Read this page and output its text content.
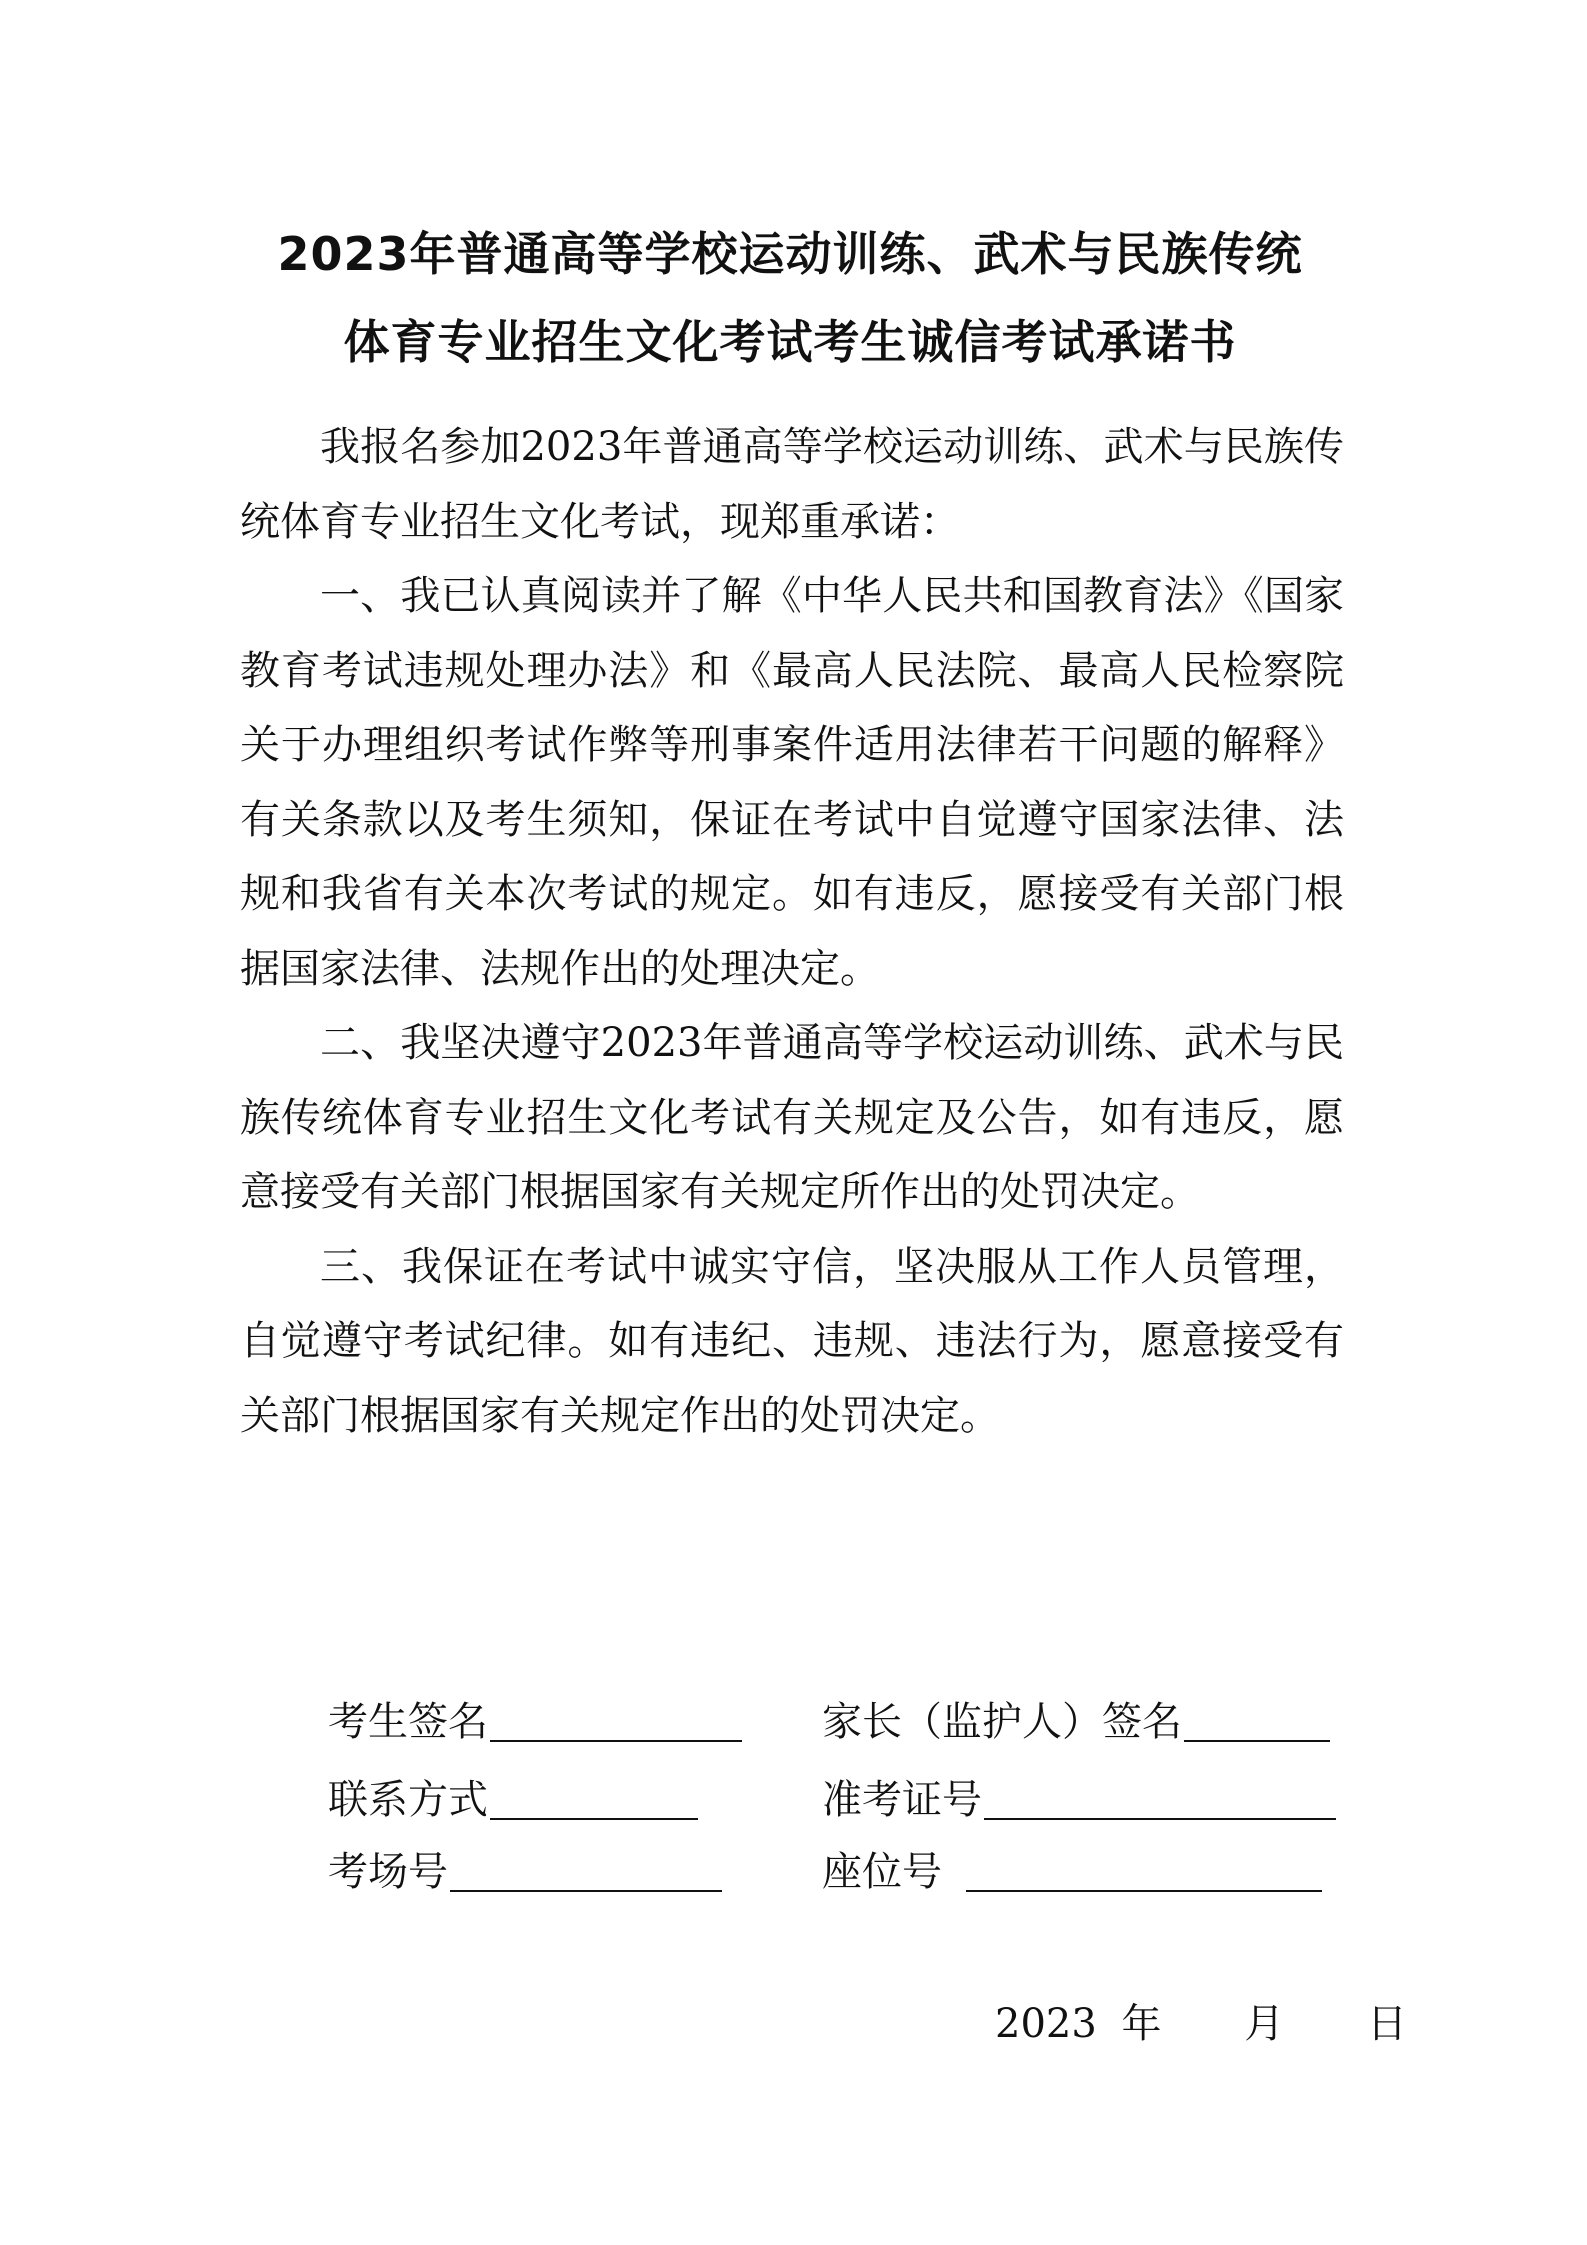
2023年普通高等学校运动训练、武术与民族传统
体育专业招生文化考试考生诚信考试承诺书

我报名参加2023年普通高等学校运动训练、武术与民族传统体育专业招生文化考试，现郑重承诺：

一、我已认真阅读并了解《中华人民共和国教育法》《国家教育考试违规处理办法》和《最高人民法院、最高人民检察院关于办理组织考试作弊等刑事案件适用法律若干问题的解释》有关条款以及考生须知，保证在考试中自觉遵守国家法律、法规和我省有关本次考试的规定。如有违反，愿接受有关部门根据国家法律、法规作出的处理决定。

二、我坚决遵守2023年普通高等学校运动训练、武术与民族传统体育专业招生文化考试有关规定及公告，如有违反，愿意接受有关部门根据国家有关规定所作出的处罚决定。

三、我保证在考试中诚实守信，坚决服从工作人员管理，自觉遵守考试纪律。如有违纪、违规、违法行为，愿意接受有关部门根据国家有关规定作出的处罚决定。

考生签名	家长（监护人）签名
联系方式	准考证号
考场号	座位号
2023 年 月 日
